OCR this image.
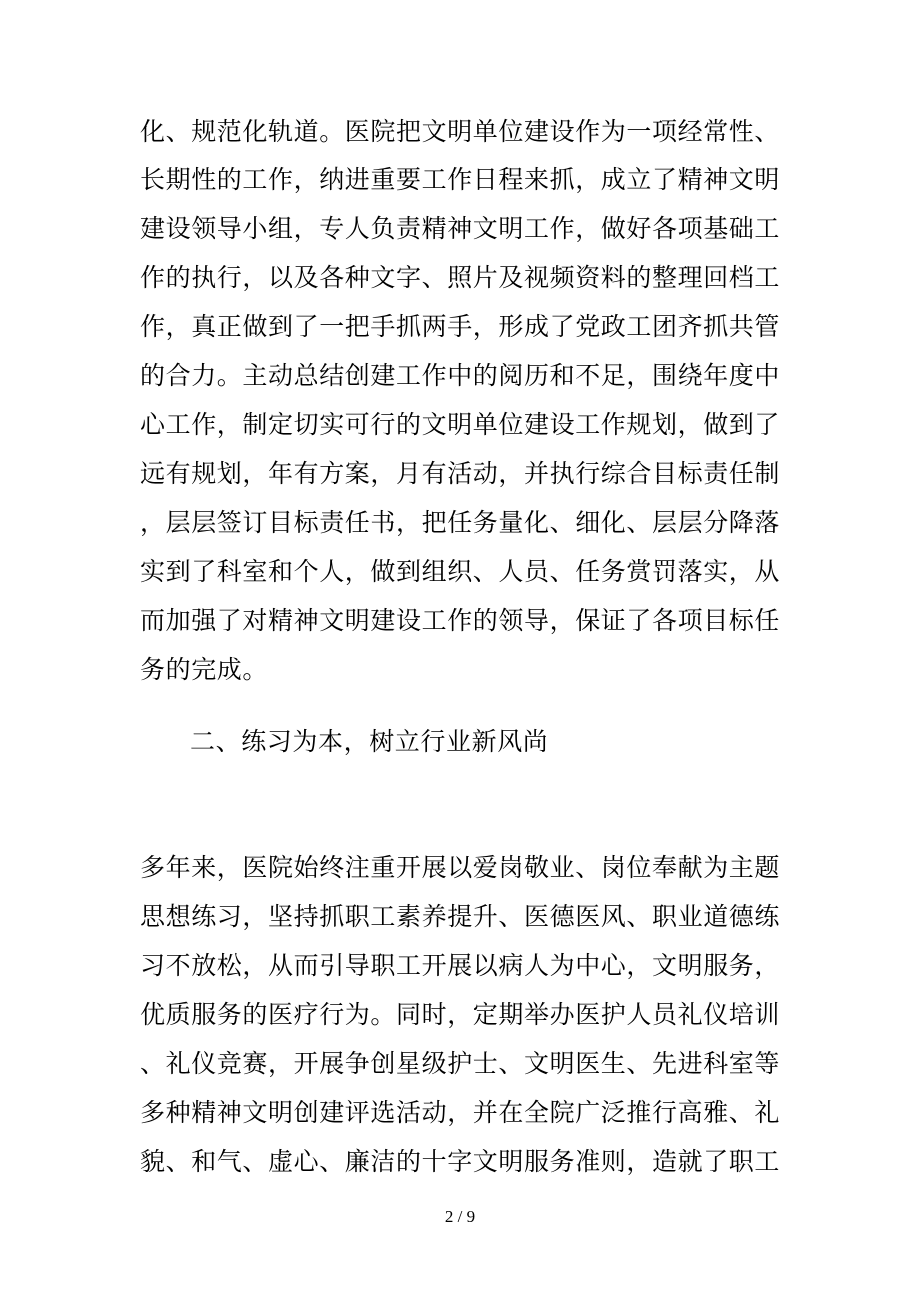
化、规范化轨道。医院把文明单位建设作为一项经常性、
长期性的工作，纳进重要工作日程来抓，成立了精神文明
建设领导小组，专人负责精神文明工作，做好各项基础工
作的执行，以及各种文字、照片及视频资料的整理回档工
作，真正做到了一把手抓两手，形成了党政工团齐抓共管
的合力。主动总结创建工作中的阅历和不足，围绕年度中
心工作，制定切实可行的文明单位建设工作规划，做到了
远有规划，年有方案，月有活动，并执行综合目标责任制
，层层签订目标责任书，把任务量化、细化、层层分降落
实到了科室和个人，做到组织、人员、任务赏罚落实，从
而加强了对精神文明建设工作的领导，保证了各项目标任
务的完成。
二、练习为本，树立行业新风尚
多年来，医院始终注重开展以爱岗敬业、岗位奉献为主题
思想练习，坚持抓职工素养提升、医德医风、职业道德练
习不放松，从而引导职工开展以病人为中心，文明服务，
优质服务的医疗行为。同时，定期举办医护人员礼仪培训
、礼仪竞赛，开展争创星级护士、文明医生、先进科室等
多种精神文明创建评选活动，并在全院广泛推行高雅、礼
貌、和气、虚心、廉洁的十字文明服务准则，造就了职工
2 / 9
